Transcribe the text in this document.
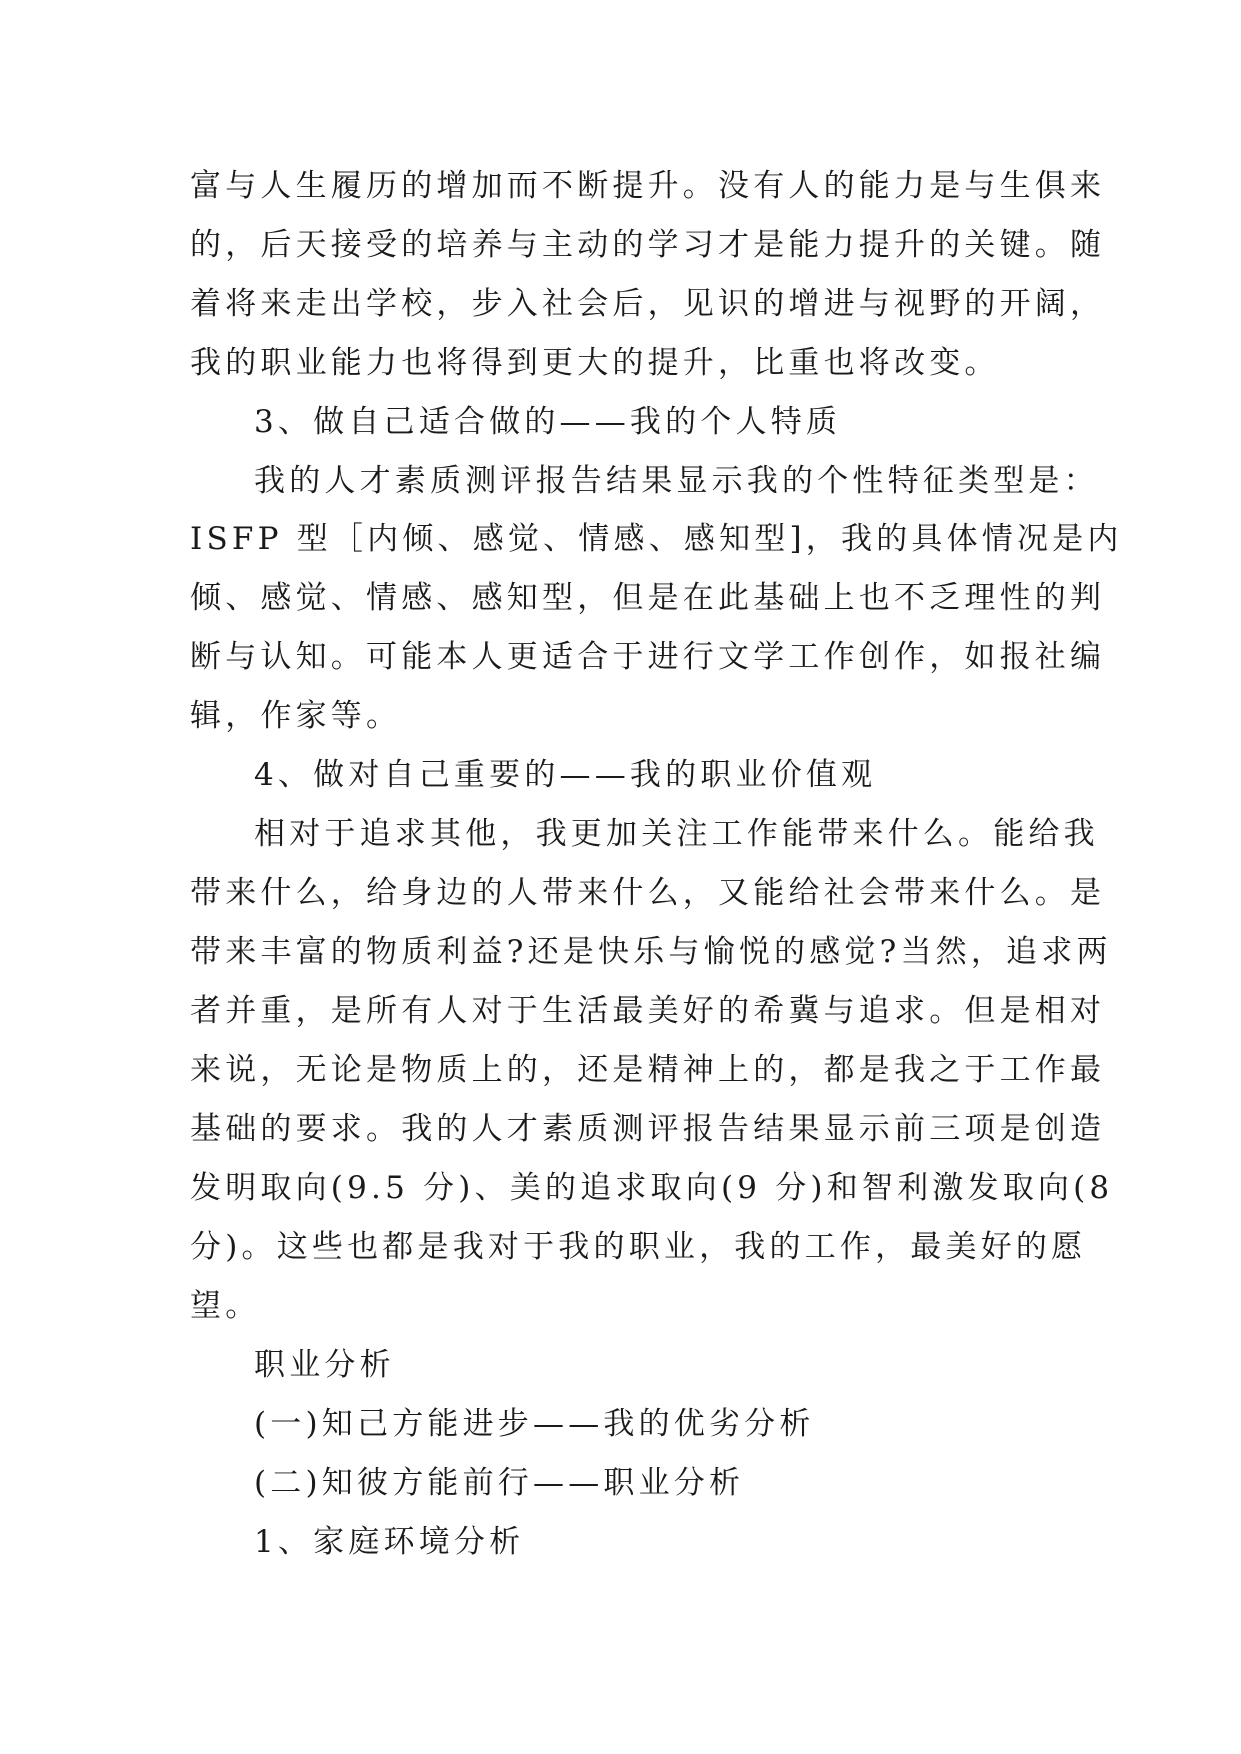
富与人生履历的增加而不断提升。没有人的能力是与生俱来
的，后天接受的培养与主动的学习才是能力提升的关键。随
着将来走出学校，步入社会后，见识的增进与视野的开阔，
我的职业能力也将得到更大的提升，比重也将改变。
3、做自己适合做的——我的个人特质
我的人才素质测评报告结果显示我的个性特征类型是：
ISFP 型［内倾、感觉、情感、感知型]，我的具体情况是内
倾、感觉、情感、感知型，但是在此基础上也不乏理性的判
断与认知。可能本人更适合于进行文学工作创作，如报社编
辑，作家等。
4、做对自己重要的——我的职业价值观
相对于追求其他，我更加关注工作能带来什么。能给我
带来什么，给身边的人带来什么，又能给社会带来什么。是
带来丰富的物质利益?还是快乐与愉悦的感觉?当然，追求两
者并重，是所有人对于生活最美好的希冀与追求。但是相对
来说，无论是物质上的，还是精神上的，都是我之于工作最
基础的要求。我的人才素质测评报告结果显示前三项是创造
发明取向(9.5 分)、美的追求取向(9 分)和智利激发取向(8
分)。这些也都是我对于我的职业，我的工作，最美好的愿
望。
职业分析
(一)知己方能进步——我的优劣分析
(二)知彼方能前行——职业分析
1、家庭环境分析
